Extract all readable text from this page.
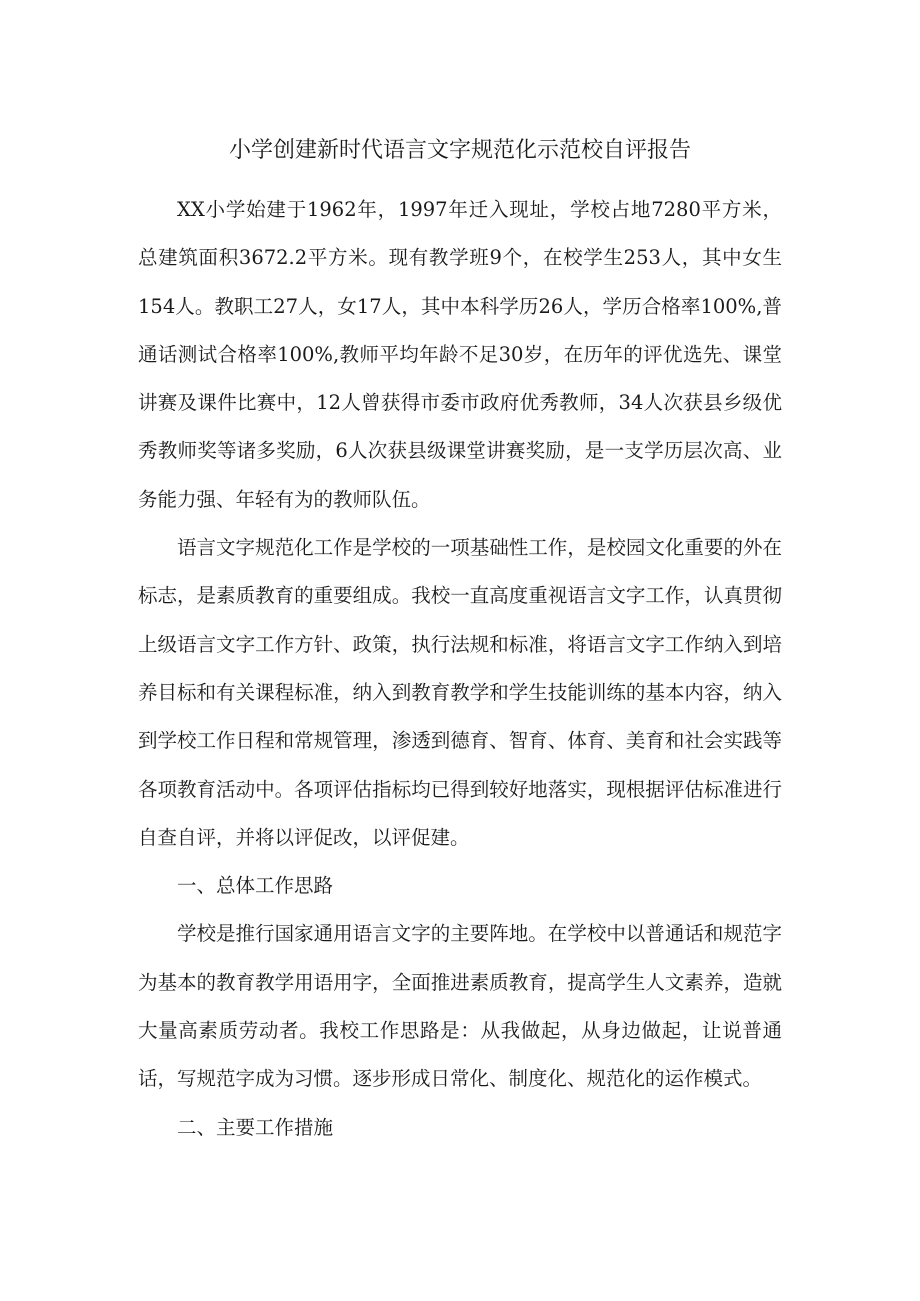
小学创建新时代语言文字规范化示范校自评报告

XX小学始建于1962年，1997年迁入现址，学校占地7280平方米，总建筑面积3672.2平方米。现有教学班9个，在校学生253人，其中女生154人。教职工27人，女17人，其中本科学历26人，学历合格率100%,普通话测试合格率100%,教师平均年龄不足30岁，在历年的评优选先、课堂讲赛及课件比赛中，12人曾获得市委市政府优秀教师，34人次获县乡级优秀教师奖等诸多奖励，6人次获县级课堂讲赛奖励，是一支学历层次高、业务能力强、年轻有为的教师队伍。

语言文字规范化工作是学校的一项基础性工作，是校园文化重要的外在标志，是素质教育的重要组成。我校一直高度重视语言文字工作，认真贯彻上级语言文字工作方针、政策，执行法规和标准，将语言文字工作纳入到培养目标和有关课程标准，纳入到教育教学和学生技能训练的基本内容，纳入到学校工作日程和常规管理，渗透到德育、智育、体育、美育和社会实践等各项教育活动中。各项评估指标均已得到较好地落实，现根据评估标准进行自查自评，并将以评促改，以评促建。

一、总体工作思路

学校是推行国家通用语言文字的主要阵地。在学校中以普通话和规范字为基本的教育教学用语用字，全面推进素质教育，提高学生人文素养，造就大量高素质劳动者。我校工作思路是：从我做起，从身边做起，让说普通话，写规范字成为习惯。逐步形成日常化、制度化、规范化的运作模式。

二、主要工作措施
